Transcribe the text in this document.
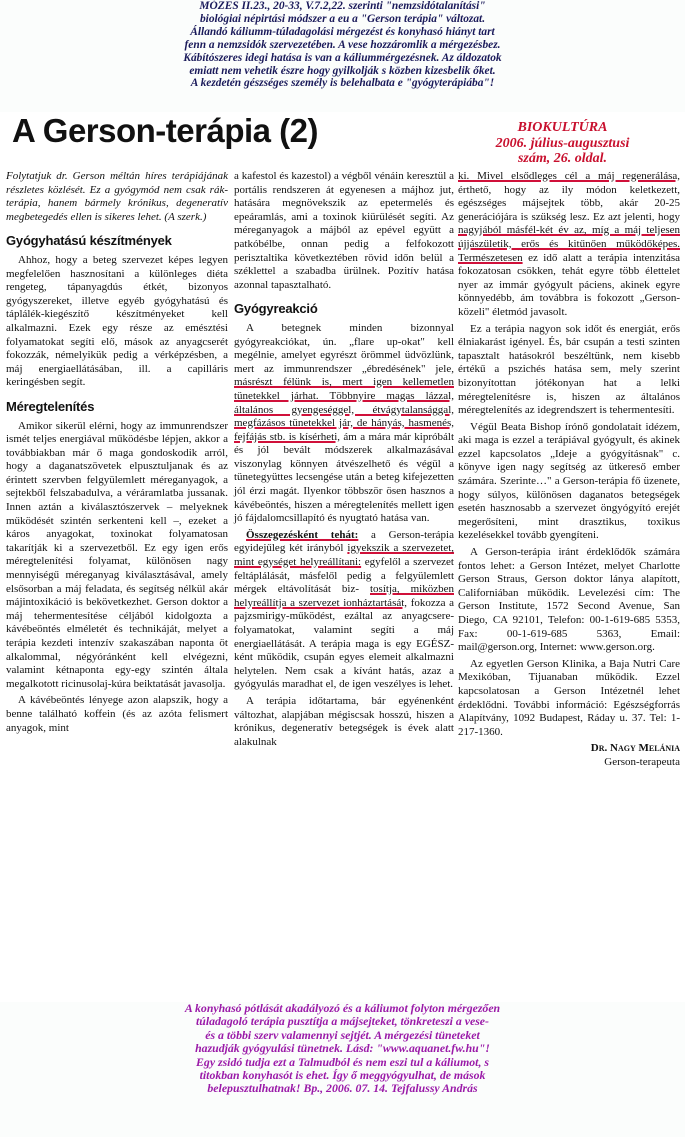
MÓZES II.23., 20-33, V.7.2,22. szerinti "nemzsidótalanítási"
biológiai népirtási módszer a eu a "Gerson terápia" változat.
Állandó káliumm-túladagolási mérgezést és konyhasó hiányt tart
fenn a nemzsidók szervezetében. A vese hozzáromlik a mérgezésbez.
Kábítószeres idegi hatása is van a káliummérgezésnek. Az áldozatok
emiatt nem vehetik észre hogy gyilkolják s közben kizesbelik őket.
A kezdetén gészséges személy is belehalbata e "gyógyterápiába"!
A Gerson-terápia (2)	BIOKULTÚRA
2006. július-augusztusi
szám, 26. oldal.

Folytatjuk dr. Gerson méltán híres terápiájának részletes közlését. Ez a gyógymód nem csak rák-terápia, hanem bármely krónikus, degeneratív megbetegedés ellen is sikeres lehet. (A szerk.)

Gyógyhatású készítmények

Ahhoz, hogy a beteg szervezet képes legyen megfelelően hasznosítani a különleges diéta rengeteg, tápanyagdús étkét, bizonyos gyógyszereket, illetve egyéb gyógyhatású és táplálék-kiegészítő készítményeket kell alkalmazni. Ezek egy része az emésztési folyamatokat segíti elő, mások az anyagcserét fokozzák, némelyikük pedig a vérképzésben, a máj energiaellátásában, ill. a capilláris keringésben segít.

Méregtelenítés

Amikor sikerül elérni, hogy az immunrendszer ismét teljes energiával működésbe lépjen, akkor a továbbiakban már ő maga gondoskodik arról, hogy a daganatszövetek elpusztuljanak és az érintett szervben felgyülemlett méreganyagok, a sejtekből felszabadulva, a véráramlatba jussanak. Innen aztán a kiválasztószervek – melyeknek működését szintén serkenteni kell –, ezeket a káros anyagokat, toxinokat folyamatosan takarítják ki a szervezetből. Ez egy igen erős méregtelenítési folyamat, különösen nagy mennyiségű méreganyag kiválasztásával, amely elsősorban a máj feladata, és segítség nélkül akár májintoxikáció is bekövetkezhet. Gerson doktor a máj tehermentesítése céljából kidolgozta a kávébeöntés elméletét és technikáját, melyet a terápia kezdeti intenzív szakaszában naponta öt alkalommal, négyóránként kell elvégezni, valamint kétnaponta egy-egy szintén általa megalkotott ricinusolaj-kúra beiktatását javasolja.

A kávébeöntés lényege azon alapszik, hogy a benne található koffein (és az azóta felismert anyagok, mint

a kafestol és kazestol) a végből vénáin keresztül a portális rendszeren át egyenesen a májhoz jut, hatására megnövekszik az epetermelés és epeáramlás, ami a toxinok kiürülését segíti. Az méreganyagok a májból az epével együtt a patkóbélbe, onnan pedig a felfokozott perisztaltika következtében rövid időn belül a széklettel a szabadba ürülnek. Pozitív hatása azonnal tapasztalható.

Gyógyreakció

A betegnek minden bizonnyal gyógyreakciókat, ún. „flare up-okat" kell megélnie, amelyet egyrészt örömmel üdvözlünk, mert az immunrendszer „ébredésének" jele, másrészt félünk is, mert igen kellemetlen tünetekkel járhat. Többnyire magas lázzal, általános gyengeséggel, étvágytalansággal, megfázásos tünetekkel jár, de hányás, hasmenés, fejfájás stb. is kísérheti, ám a mára már kipróbált és jól bevált módszerek alkalmazásával viszonylag könnyen átvészelhető és végül a tünetegyüttes lecsengése után a beteg kifejezetten jól érzi magát. Ilyenkor többször ösen hasznos a kávébeöntés, hiszen a méregtelenítés mellett igen jó fájdalomcsillapító és nyugtató hatása van.

Összegezésként tehát: a Gerson-terápia egyidejűleg két irányból igyekszik a szervezetet, mint egységet helyreállítani: egyfelől a szervezet feltáplálását, másfelől pedig a felgyülemlett mérgek eltávolítását biz- tosítja, miközben helyreállítja a szervezet ionháztartását, fokozza a pajzsmirigy-működést, ezáltal az anyagcsere-folyamatokat, valamint segíti a máj energiaellátását. A terápia maga is egy EGÉSZ-ként működik, csupán egyes elemeit alkalmazni helytelen. Nem csak a kívánt hatás, azaz a gyógyulás maradhat el, de igen veszélyes is lehet.

A terápia időtartama, bár egyénenként változhat, alapjában mégiscsak hosszú, hiszen a krónikus, degeneratív betegségek is évek alatt alakulnak

ki. Mivel elsődleges cél a máj regenerálása, érthető, hogy az ily módon keletkezett, egészséges májsejtek több, akár 20-25 generációjára is szükség lesz. Ez azt jelenti, hogy nagyjából másfél-két év az, míg a máj teljesen újjászületik, erős és kitűnően működőképes. Természetesen ez idő alatt a terápia intenzitása fokozatosan csökken, tehát egyre több élettelet nyer az immár gyógyult páciens, akinek egyre könnyedébb, ám továbbra is fokozott „Gerson-közeli" életmód javasolt.

Ez a terápia nagyon sok időt és energiát, erős élniakarást igényel. És, bár csupán a testi szinten tapasztalt hatásokról beszéltünk, nem kisebb értékű a pszichés hatása sem, mely szerint bizonyítottan jótékonyan hat a lelki méregtelenítésre is, hiszen az általános méregtelenítés az idegrendszert is tehermentesíti.

Végül Beata Bishop írónő gondolatait idézem, aki maga is ezzel a terápiával gyógyult, és akinek ezzel kapcsolatos „Ideje a gyógyításnak" c. könyve igen nagy segítség az ütkereső ember számára. Szerinte…" a Gerson-terápia fő üzenete, hogy súlyos, különösen daganatos betegségek esetén hasznosabb a szervezet öngyógyító erejét megerősíteni, mint drasztikus, toxikus kezelésekkel tovább gyengíteni.

A Gerson-terápia iránt érdeklődők számára fontos lehet: a Gerson Intézet, melyet Charlotte Gerson Straus, Gerson doktor lánya alapított, Californiában működik. Levelezési cím: The Gerson Institute, 1572 Second Avenue, San Diego, CA 92101, Telefon: 00-1-619-685 5353, Fax: 00-1-619-685 5363, Email: mail@gerson.org, Internet: www.gerson.org.

Az egyetlen Gerson Klinika, a Baja Nutri Care Mexikóban, Tijuanaban működik. Ezzel kapcsolatosan a Gerson Intézetnél lehet érdeklődni. További információ: Egészségforrás Alapítvány, 1092 Budapest, Ráday u. 37. Tel: 1-217-1360.

Dr. Nagy Melánia
Gerson-terapeuta
A konyhasó pótlását akadályozó és a káliumot folyton mérgezően
túladagoló terápia pusztítja a májsejteket, tönkreteszi a vese-
és a többi szerv valamennyi sejtjét. A mérgezési tüneteket
hazudják gyógyulási tünetnek. Lásd: "www.aquanet.fw.hu"!
Egy zsidó tudja ezt a Talmudból és nem eszi tul a káliumot, s
titokban konyhasót is ehet. Így ő meggyógyulhat, de mások
belepusztulhatnak! Bp., 2006. 07. 14. Tejfalussy András
